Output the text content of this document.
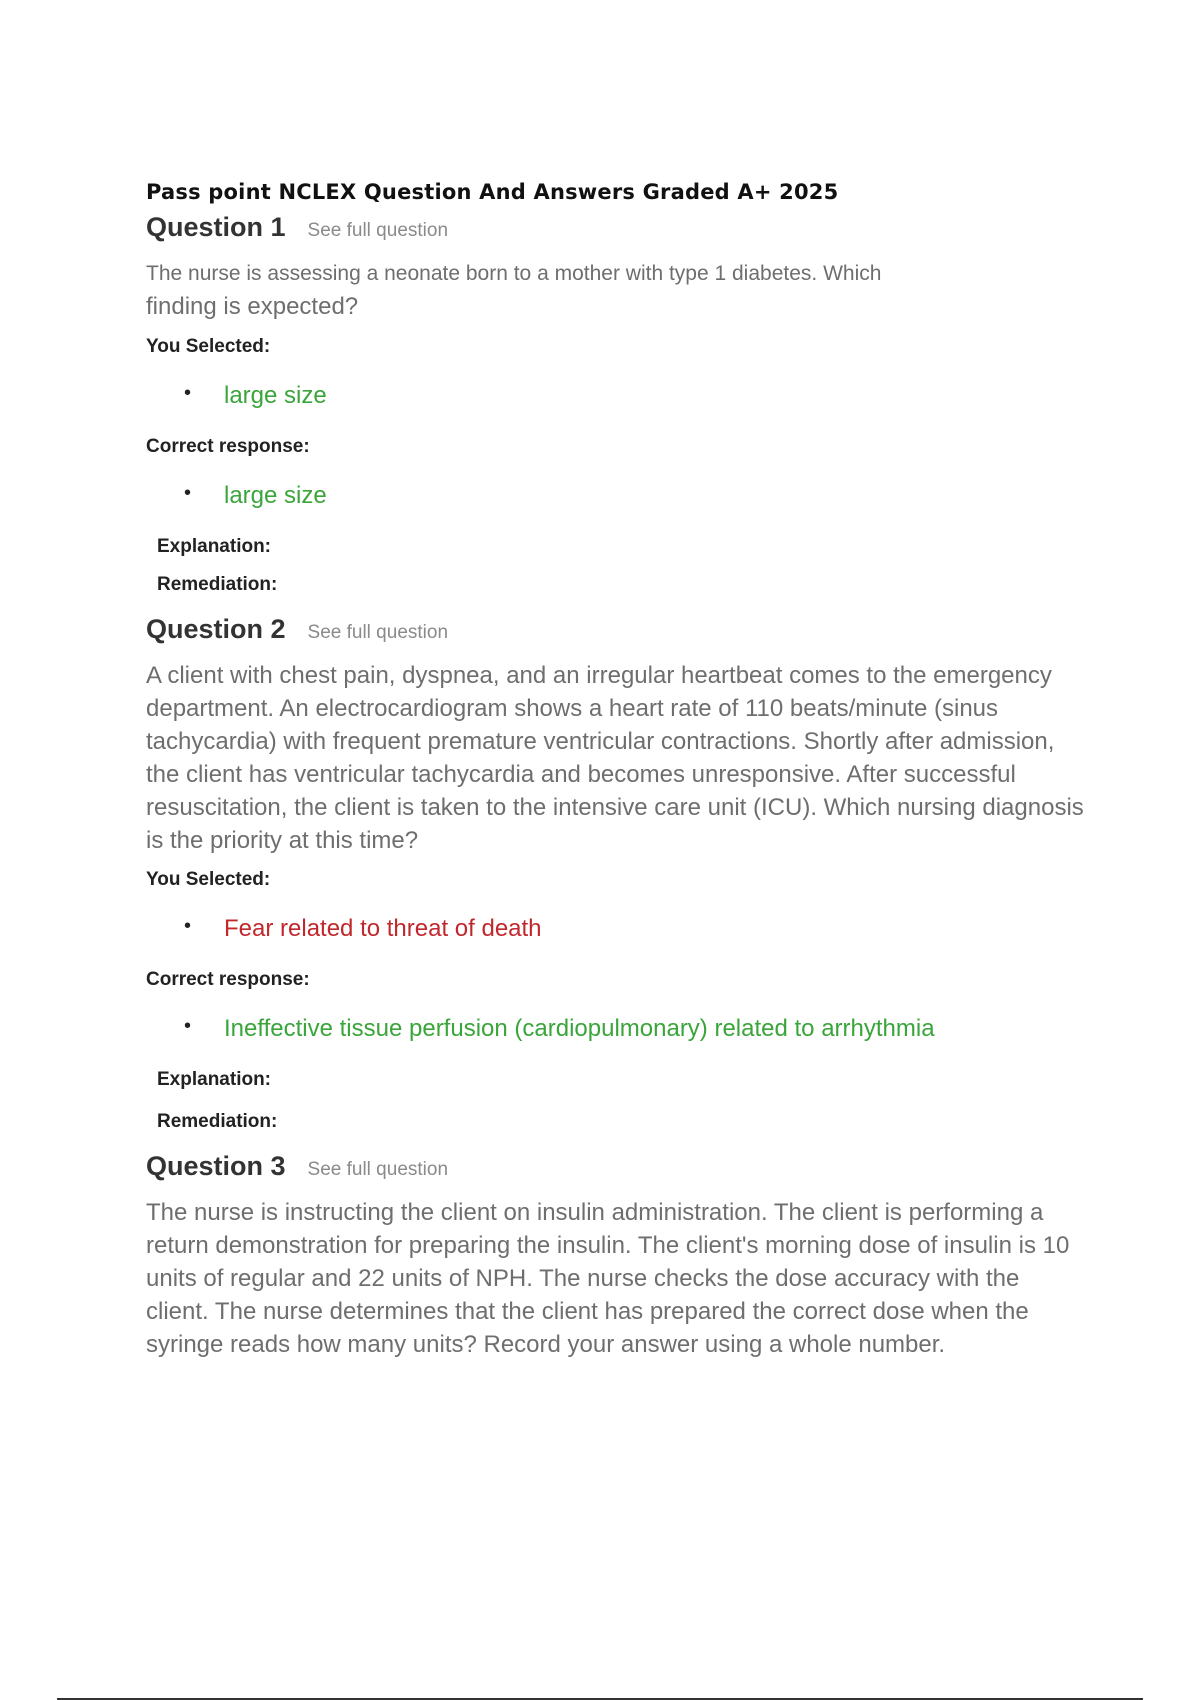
Pass point NCLEX Question And Answers Graded A+ 2025
Question 1 See full question
The nurse is assessing a neonate born to a mother with type 1 diabetes. Which
finding is expected?
You Selected:
• large size
Correct response:
• large size
Explanation:
Remediation:
Question 2 See full question
A client with chest pain, dyspnea, and an irregular heartbeat comes to the emergency department. An electrocardiogram shows a heart rate of 110 beats/minute (sinus tachycardia) with frequent premature ventricular contractions. Shortly after admission, the client has ventricular tachycardia and becomes unresponsive. After successful resuscitation, the client is taken to the intensive care unit (ICU). Which nursing diagnosis is the priority at this time?
You Selected:
• Fear related to threat of death
Correct response:
• Ineffective tissue perfusion (cardiopulmonary) related to arrhythmia
Explanation:
Remediation:
Question 3 See full question
The nurse is instructing the client on insulin administration. The client is performing a return demonstration for preparing the insulin. The client's morning dose of insulin is 10 units of regular and 22 units of NPH. The nurse checks the dose accuracy with the client. The nurse determines that the client has prepared the correct dose when the syringe reads how many units? Record your answer using a whole number.
